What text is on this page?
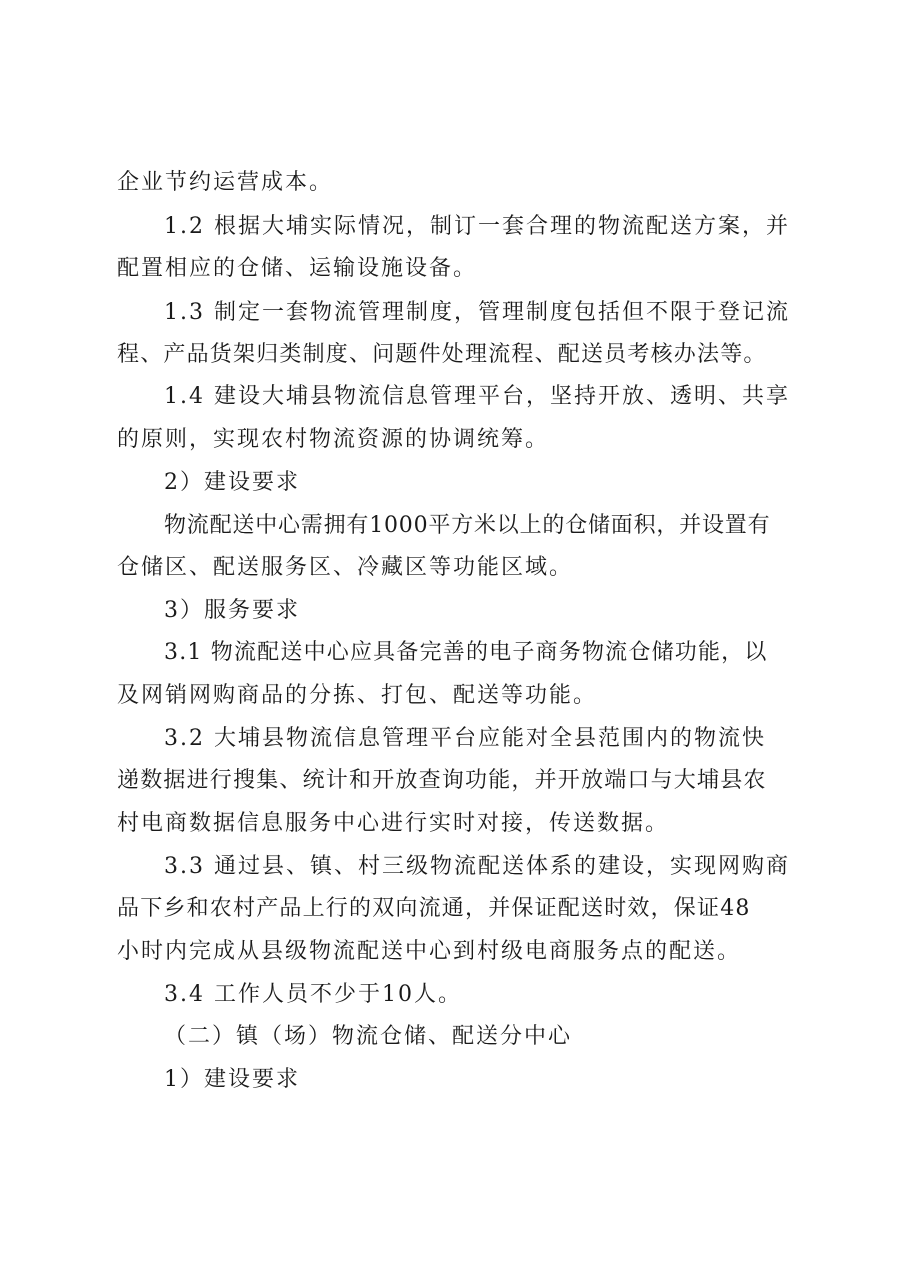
企业节约运营成本。

1.2 根据大埔实际情况，制订一套合理的物流配送方案，并

配置相应的仓储、运输设施设备。

1.3 制定一套物流管理制度，管理制度包括但不限于登记流

程、产品货架归类制度、问题件处理流程、配送员考核办法等。

1.4 建设大埔县物流信息管理平台，坚持开放、透明、共享

的原则，实现农村物流资源的协调统筹。

2）建设要求

物流配送中心需拥有1000平方米以上的仓储面积，并设置有

仓储区、配送服务区、冷藏区等功能区域。

3）服务要求

3.1 物流配送中心应具备完善的电子商务物流仓储功能，以

及网销网购商品的分拣、打包、配送等功能。

3.2 大埔县物流信息管理平台应能对全县范围内的物流快

递数据进行搜集、统计和开放查询功能，并开放端口与大埔县农

村电商数据信息服务中心进行实时对接，传送数据。

3.3 通过县、镇、村三级物流配送体系的建设，实现网购商

品下乡和农村产品上行的双向流通，并保证配送时效，保证48

小时内完成从县级物流配送中心到村级电商服务点的配送。

3.4 工作人员不少于10人。

（二）镇（场）物流仓储、配送分中心

1）建设要求
